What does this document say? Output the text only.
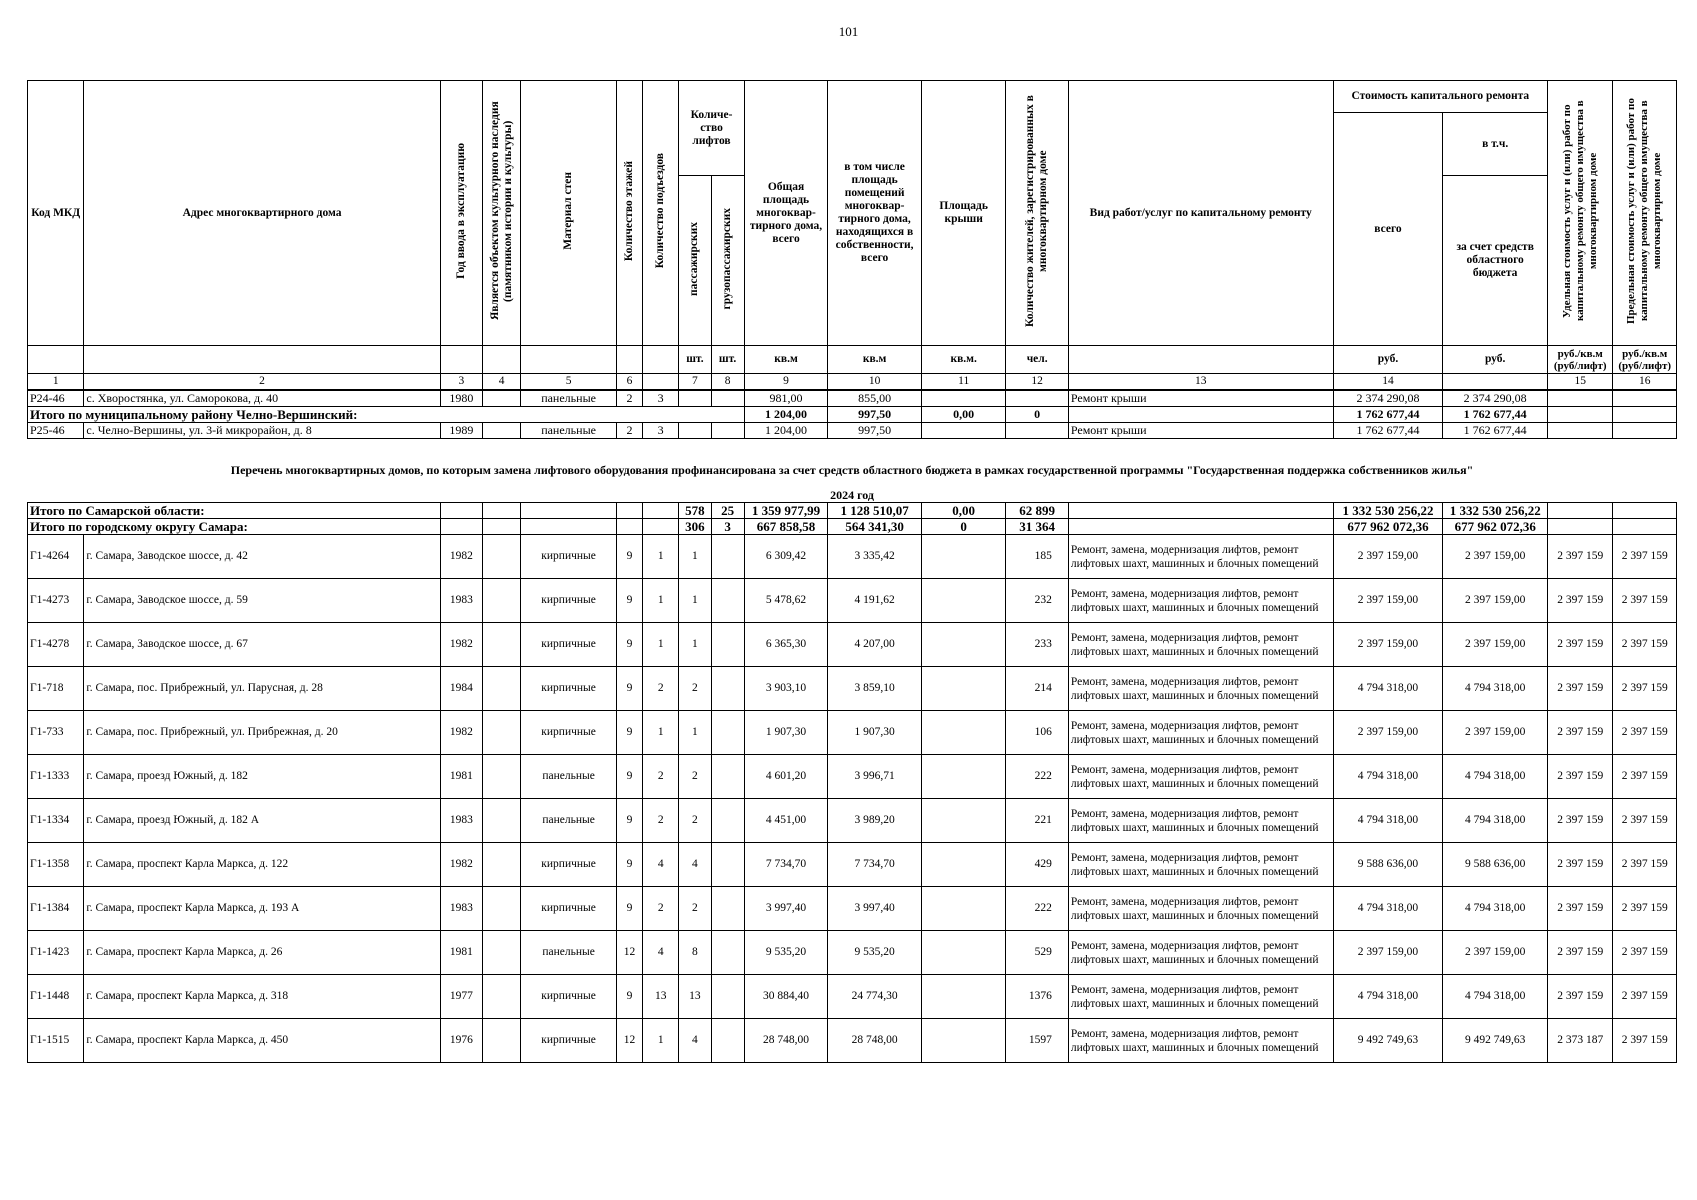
101
Код МКД	Адрес многоквартирного дома	Год ввода в эксплуатацию	Является объектом культурного наследия (памятником истории и культуры)	Материал стен	Количество этажей	Количество подъездов	Количе-ство лифтов		Общая площадь многоквар-тирного дома, всего	в том числе площадь помещений многоквар-тирного дома, находящихся в собственности, всего	Площадь крыши	Количество жителей, зарегистрированных в многоквартирном доме	Вид работ/услуг по капитальному ремонту	Стоимость капитального ремонта		Удельная стоимость услуг и (или) работ по капитальному ремонту общего имущества в многоквартирном доме	Предельная стоимость услуг и (или) работ по капитальному ремонту общего имущества в многоквартирном доме
														всего	в т.ч.		
							пассажирских	грузопассажирских							за счет средств областного бюджета		
							шт.	шт.	кв.м	кв.м	кв.м.	чел.		руб.	руб.	руб./кв.м (руб/лифт)	руб./кв.м (руб/лифт)
1	2	3	4	5	6		7	8	9	10	11	12	13	14		15	16
Р24-46	с. Хворостянка, ул. Саморокова, д. 40	1980		панельные	2	3			981,00	855,00			Ремонт крыши	2 374 290,08	2 374 290,08		
Итого по муниципальному району Челно-Вершинский:									1 204,00	997,50	0,00	0		1 762 677,44	1 762 677,44		
Р25-46	с. Челно-Вершины, ул. 3-й микрорайон, д. 8	1989		панельные	2	3			1 204,00	997,50			Ремонт крыши	1 762 677,44	1 762 677,44		
Перечень многоквартирных домов, по которым замена лифтового оборудования профинансирована за счет средств областного бюджета в рамках государственной программы "Государственная поддержка собственников жилья"
2024 год
Итого по Самарской области:							578	25	1 359 977,99	1 128 510,07	0,00	62 899		1 332 530 256,22	1 332 530 256,22		
Итого по городскому округу Самара:							306	3	667 858,58	564 341,30	0	31 364		677 962 072,36	677 962 072,36		
Г1-4264	г. Самара, Заводское шоссе, д. 42	1982		кирпичные	9	1	1		6 309,42	3 335,42		185	Ремонт, замена, модернизация лифтов, ремонт лифтовых шахт, машинных и блочных помещений	2 397 159,00	2 397 159,00	2 397 159	2 397 159
Г1-4273	г. Самара, Заводское шоссе, д. 59	1983		кирпичные	9	1	1		5 478,62	4 191,62		232	Ремонт, замена, модернизация лифтов, ремонт лифтовых шахт, машинных и блочных помещений	2 397 159,00	2 397 159,00	2 397 159	2 397 159
Г1-4278	г. Самара, Заводское шоссе, д. 67	1982		кирпичные	9	1	1		6 365,30	4 207,00		233	Ремонт, замена, модернизация лифтов, ремонт лифтовых шахт, машинных и блочных помещений	2 397 159,00	2 397 159,00	2 397 159	2 397 159
Г1-718	г. Самара, пос. Прибрежный, ул. Парусная, д. 28	1984		кирпичные	9	2	2		3 903,10	3 859,10		214	Ремонт, замена, модернизация лифтов, ремонт лифтовых шахт, машинных и блочных помещений	4 794 318,00	4 794 318,00	2 397 159	2 397 159
Г1-733	г. Самара, пос. Прибрежный, ул. Прибрежная, д. 20	1982		кирпичные	9	1	1		1 907,30	1 907,30		106	Ремонт, замена, модернизация лифтов, ремонт лифтовых шахт, машинных и блочных помещений	2 397 159,00	2 397 159,00	2 397 159	2 397 159
Г1-1333	г. Самара, проезд Южный, д. 182	1981		панельные	9	2	2		4 601,20	3 996,71		222	Ремонт, замена, модернизация лифтов, ремонт лифтовых шахт, машинных и блочных помещений	4 794 318,00	4 794 318,00	2 397 159	2 397 159
Г1-1334	г. Самара, проезд Южный, д. 182 А	1983		панельные	9	2	2		4 451,00	3 989,20		221	Ремонт, замена, модернизация лифтов, ремонт лифтовых шахт, машинных и блочных помещений	4 794 318,00	4 794 318,00	2 397 159	2 397 159
Г1-1358	г. Самара, проспект Карла Маркса, д. 122	1982		кирпичные	9	4	4		7 734,70	7 734,70		429	Ремонт, замена, модернизация лифтов, ремонт лифтовых шахт, машинных и блочных помещений	9 588 636,00	9 588 636,00	2 397 159	2 397 159
Г1-1384	г. Самара, проспект Карла Маркса, д. 193 А	1983		кирпичные	9	2	2		3 997,40	3 997,40		222	Ремонт, замена, модернизация лифтов, ремонт лифтовых шахт, машинных и блочных помещений	4 794 318,00	4 794 318,00	2 397 159	2 397 159
Г1-1423	г. Самара, проспект Карла Маркса, д. 26	1981		панельные	12	4	8		9 535,20	9 535,20		529	Ремонт, замена, модернизация лифтов, ремонт лифтовых шахт, машинных и блочных помещений	2 397 159,00	2 397 159,00	2 397 159	2 397 159
Г1-1448	г. Самара, проспект Карла Маркса, д. 318	1977		кирпичные	9	13	13		30 884,40	24 774,30		1376	Ремонт, замена, модернизация лифтов, ремонт лифтовых шахт, машинных и блочных помещений	4 794 318,00	4 794 318,00	2 397 159	2 397 159
Г1-1515	г. Самара, проспект Карла Маркса, д. 450	1976		кирпичные	12	1	4		28 748,00	28 748,00		1597	Ремонт, замена, модернизация лифтов, ремонт лифтовых шахт, машинных и блочных помещений	9 492 749,63	9 492 749,63	2 373 187	2 397 159
